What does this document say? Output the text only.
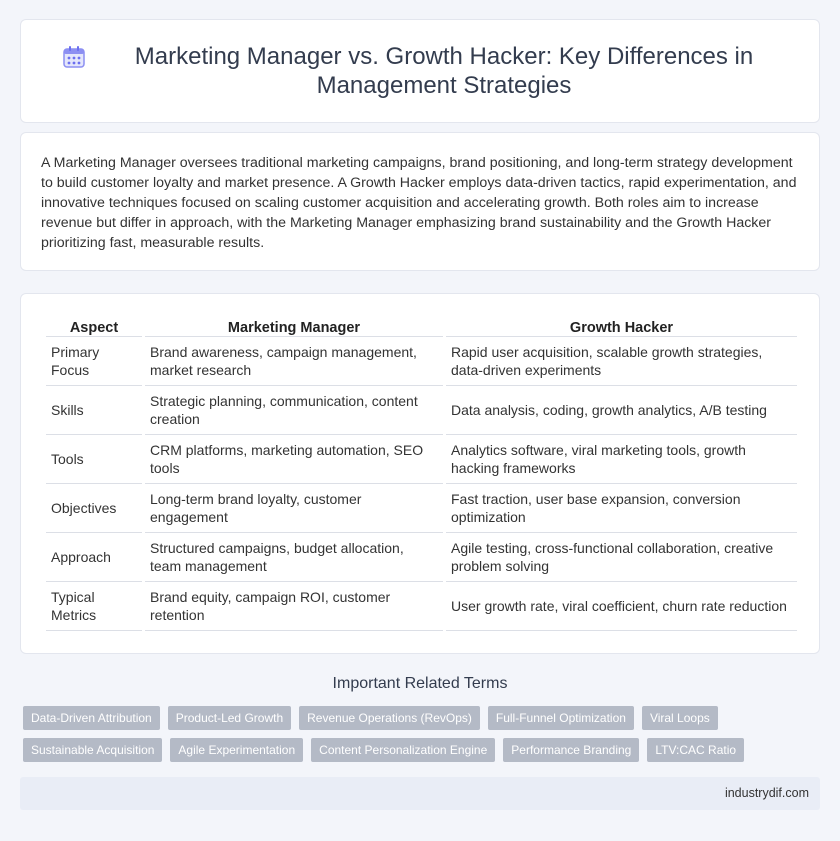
Marketing Manager vs. Growth Hacker: Key Differences in Management Strategies

A Marketing Manager oversees traditional marketing campaigns, brand positioning, and long-term strategy development to build customer loyalty and market presence. A Growth Hacker employs data-driven tactics, rapid experimentation, and innovative techniques focused on scaling customer acquisition and accelerating growth. Both roles aim to increase revenue but differ in approach, with the Marketing Manager emphasizing brand sustainability and the Growth Hacker prioritizing fast, measurable results.

Aspect	Marketing Manager	Growth Hacker
Primary Focus	Brand awareness, campaign management, market research	Rapid user acquisition, scalable growth strategies, data-driven experiments
Skills	Strategic planning, communication, content creation	Data analysis, coding, growth analytics, A/B testing
Tools	CRM platforms, marketing automation, SEO tools	Analytics software, viral marketing tools, growth hacking frameworks
Objectives	Long-term brand loyalty, customer engagement	Fast traction, user base expansion, conversion optimization
Approach	Structured campaigns, budget allocation, team management	Agile testing, cross-functional collaboration, creative problem solving
Typical Metrics	Brand equity, campaign ROI, customer retention	User growth rate, viral coefficient, churn rate reduction
Important Related Terms
Data-Driven Attribution	Product-Led Growth	Revenue Operations (RevOps)	Full-Funnel Optimization	Viral Loops
Sustainable Acquisition	Agile Experimentation	Content Personalization Engine	Performance Branding	LTV:CAC Ratio
industrydif.com
